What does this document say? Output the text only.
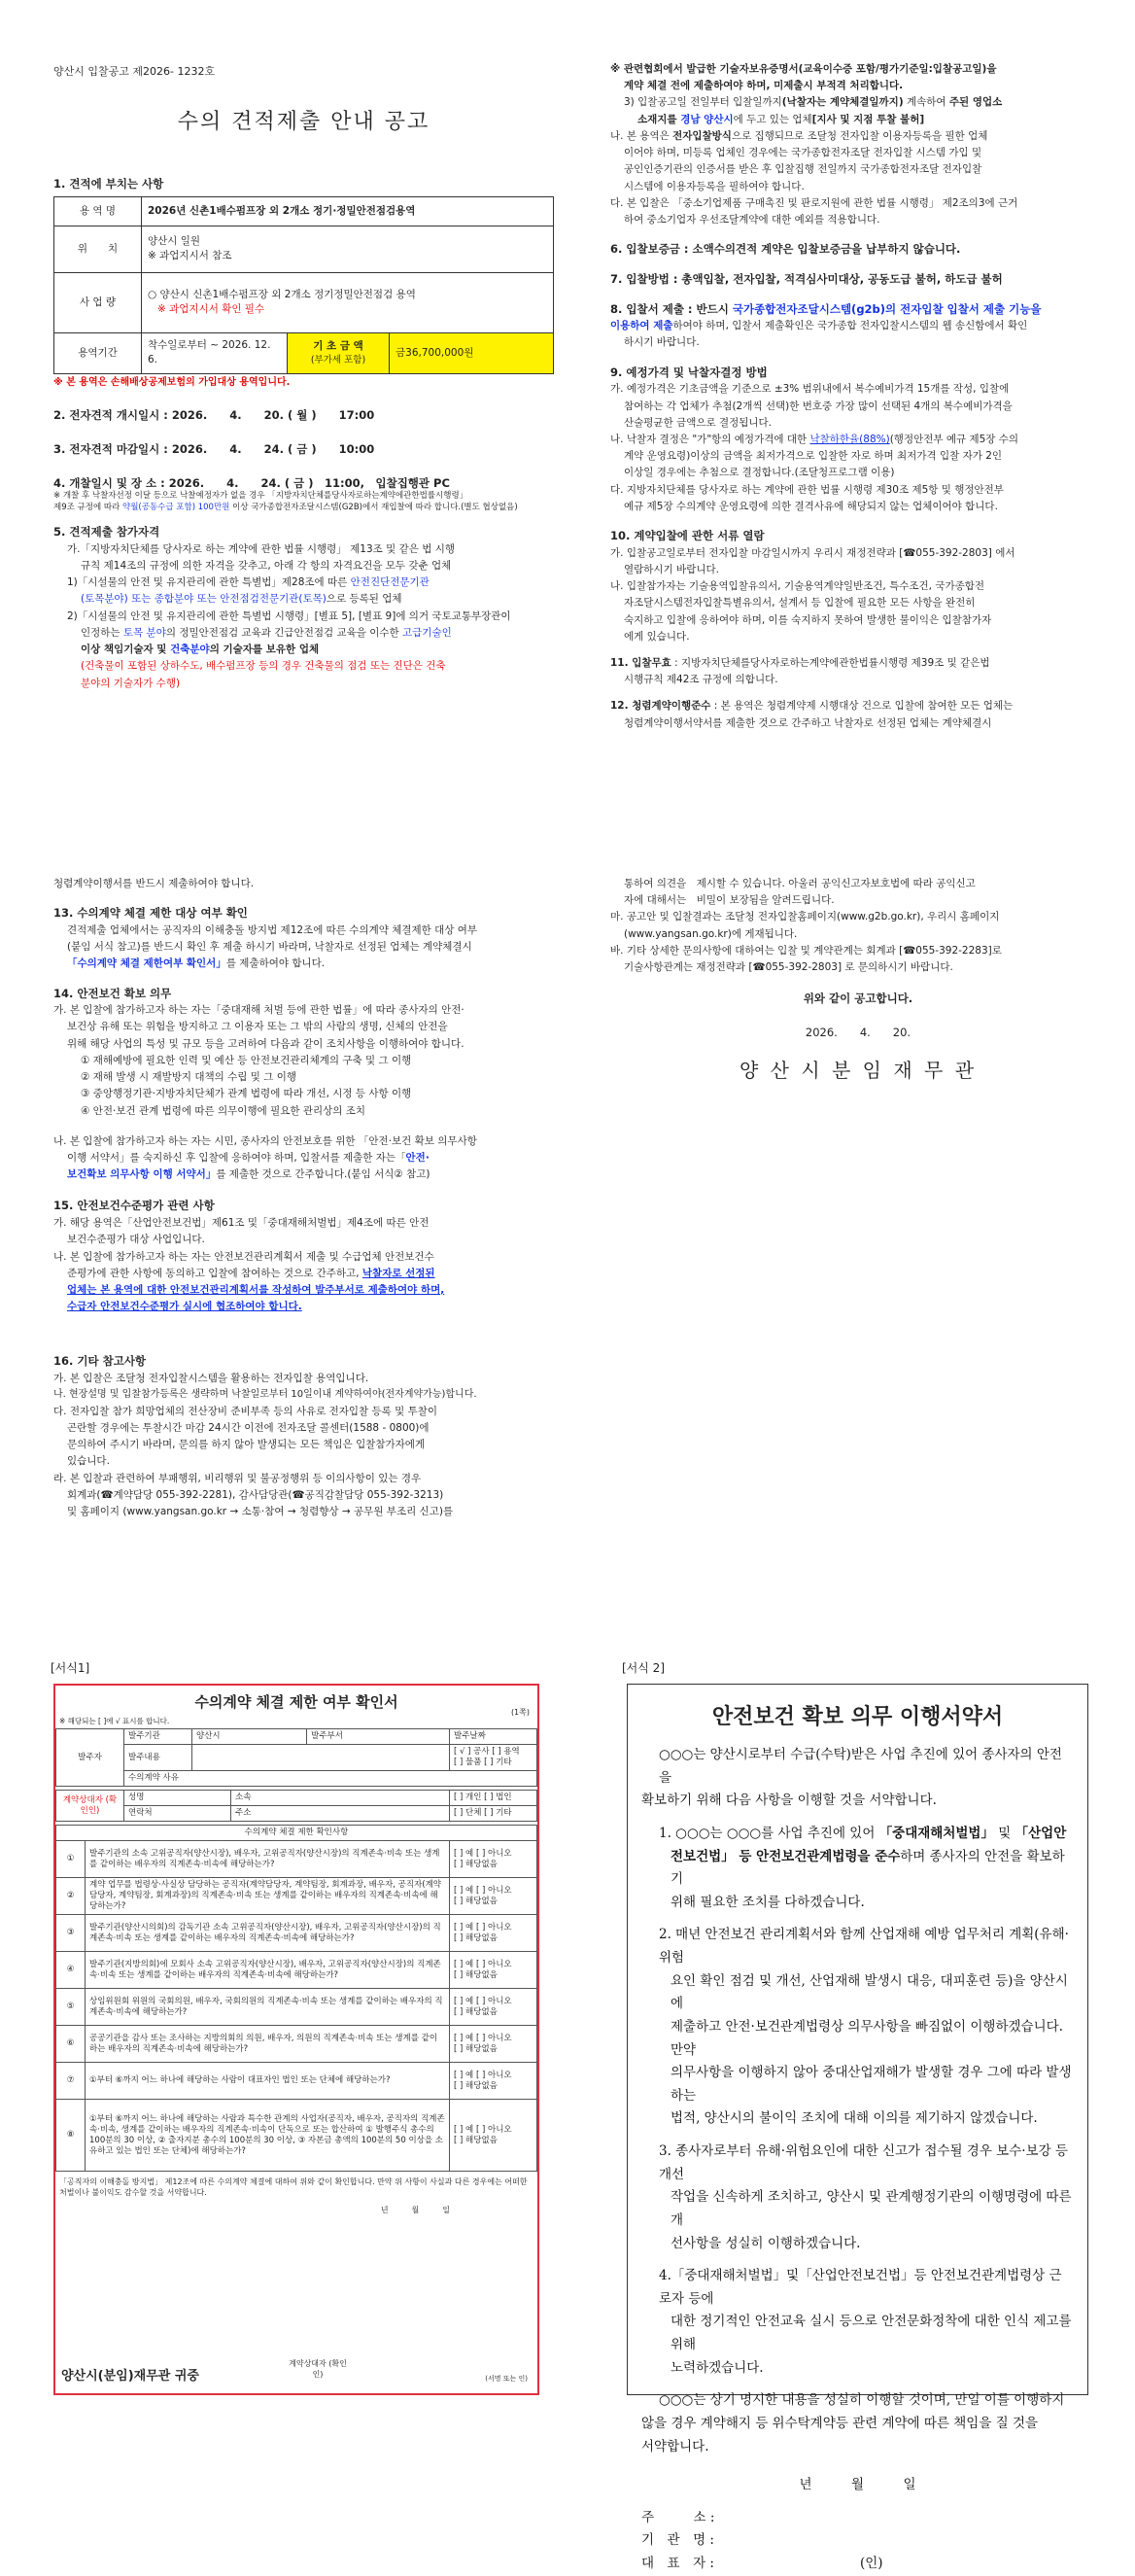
양산시 입찰공고 제2026- 1232호
수의 견적제출 안내 공고
1. 견적에 부치는 사항
용 역 명	2026년 신촌1배수펌프장 외 2개소 정기·정밀안전점검용역		
위　　치	양산시 일원
※ 과업지시서 참조		

사 업 량	○ 양산시 신촌1배수펌프장 외 2개소 정기정밀안전점검 용역
※ 과업지시서 확인 필수		

용역기간	착수일로부터 ~ 2026. 12. 6.	기 초 금 액
(부가세 포함)	금36,700,000원
※ 본 용역은 손해배상공제보험의 가입대상 용역입니다.
2. 전자견적 개시일시 : 2026.　　4.　　20. ( 월 )　　17:00
3. 전자견적 마감일시 : 2026.　　4.　　24. ( 금 )　　10:00
4. 개찰일시 및 장 소 : 2026.　　4.　　24. ( 금 )　11:00,　입찰집행관 PC
※ 개찰 후 낙찰자선정 이달 등으로 낙찰예정자가 없을 경우 「지방자치단체를당사자로하는계약에관한법률시행령」
제9조 규정에 따라 약월(공동수급 포함) 100만원 이상 국가종합전자조달시스템(G2B)에서 재입찰에 따라 합니다.(별도 협상없음)
5. 견적제출 참가자격
가.「지방자치단체를 당사자로 하는 계약에 관한 법률 시행령」 제13조 및 같은 법 시행
규칙 제14조의 규정에 의한 자격을 갖추고, 아래 각 항의 자격요건을 모두 갖춘 업체
1)「시설물의 안전 및 유지관리에 관한 특별법」제28조에 따른 안전진단전문기관
(토목분야) 또는 종합분야 또는 안전점검전문기관(토목)으로 등록된 업체
2)「시설물의 안전 및 유지관리에 관한 특별법 시행령」[별표 5], [별표 9]에 의거 국토교통부장관이
인정하는 토목 분야의 정밀안전점검 교육과 긴급안전점검 교육을 이수한 고급기술인
이상 책임기술자 및 건축분야의 기술자를 보유한 업체
(건축물이 포함된 상하수도, 배수펌프장 등의 경우 건축물의 점검 또는 진단은 건축
분야의 기술자가 수행)
※ 관련협회에서 발급한 기술자보유증명서(교육이수증 포함/평가기준일:입찰공고일)을
계약 체결 전에 제출하여야 하며, 미제출시 부적격 처리합니다.
3) 입찰공고일 전일부터 입찰일까지(낙찰자는 계약체결일까지) 계속하여 주된 영업소
소재지를 경남 양산시에 두고 있는 업체[지사 및 지점 투찰 불허]
나. 본 용역은 전자입찰방식으로 집행되므로 조달청 전자입찰 이용자등록을 필한 업체
이어야 하며, 미등록 업체인 경우에는 국가종합전자조달 전자입찰 시스템 가입 및
공인인증기관의 인증서를 받은 후 입찰집행 전일까지 국가종합전자조달 전자입찰
시스템에 이용자등록을 필하여야 합니다.
다. 본 입찰은 「중소기업제품 구매촉진 및 판로지원에 관한 법률 시행령」 제2조의3에 근거
하여 중소기업자 우선조달계약에 대한 예외를 적용합니다.
6. 입찰보증금 : 소액수의견적 계약은 입찰보증금을 납부하지 않습니다.
7. 입찰방법 : 총액입찰, 전자입찰, 적격심사미대상, 공동도급 불허, 하도급 불허
8. 입찰서 제출 : 반드시 국가종합전자조달시스템(g2b)의 전자입찰 입찰서 제출 기능을
이용하여 제출하여야 하며, 입찰서 제출확인은 국가종합 전자입찰시스템의 웹 송신함에서 확인
하시기 바랍니다.
9. 예정가격 및 낙찰자결정 방법
가. 예정가격은 기초금액을 기준으로 ±3% 범위내에서 복수예비가격 15개를 작성, 입찰에
참여하는 각 업체가 추첨(2개씩 선택)한 번호중 가장 많이 선택된 4개의 복수예비가격을
산술평균한 금액으로 결정됩니다.
나. 낙찰자 결정은 "가"항의 예정가격에 대한 낙찰하한율(88%)(행정안전부 예규 제5장 수의
계약 운영요령)이상의 금액을 최저가격으로 입찰한 자로 하며 최저가격 입찰 자가 2인
이상일 경우에는 추첨으로 결정합니다.(조달청프로그램 이용)
다. 지방자치단체를 당사자로 하는 계약에 관한 법률 시행령 제30조 제5항 및 행정안전부
예규 제5장 수의계약 운영요령에 의한 결격사유에 해당되지 않는 업체이어야 합니다.
10. 계약입찰에 관한 서류 열람
가. 입찰공고일로부터 전자입찰 마감일시까지 우리시 재정전략과 [☎055-392-2803] 에서
열람하시기 바랍니다.
나. 입찰참가자는 기술용역입찰유의서, 기술용역계약일반조건, 특수조건, 국가종합전
자조달시스템전자입찰특별유의서, 설계서 등 입찰에 필요한 모든 사항을 완전히
숙지하고 입찰에 응하여야 하며, 이를 숙지하지 못하여 발생한 불이익은 입찰참가자
에게 있습니다.
11. 입찰무효 : 지방자치단체를당사자로하는계약에관한법률시행령 제39조 및 같은법
시행규칙 제42조 규정에 의합니다.
12. 청렴계약이행준수 : 본 용역은 청렴계약제 시행대상 건으로 입찰에 참여한 모든 업체는
청렴계약이행서약서를 제출한 것으로 간주하고 낙찰자로 선정된 업체는 계약체결시
청렴계약이행서를 반드시 제출하여야 합니다.
13. 수의계약 체결 제한 대상 여부 확인
견적제출 업체에서는 공직자의 이해충돌 방지법 제12조에 따른 수의계약 체결제한 대상 여부
(붙임 서식 참고)를 반드시 확인 후 제출 하시기 바라며, 낙찰자로 선정된 업체는 계약체결시
「수의계약 체결 제한여부 확인서」를 제출하여야 합니다.
14. 안전보건 확보 의무
가. 본 입찰에 참가하고자 하는 자는「중대재해 처벌 등에 관한 법률」에 따라 종사자의 안전·
보건상 유해 또는 위험을 방지하고 그 이용자 또는 그 밖의 사람의 생명, 신체의 안전을
위해 해당 사업의 특성 및 규모 등을 고려하여 다음과 같이 조치사항을 이행하여야 합니다.
① 재해예방에 필요한 인력 및 예산 등 안전보건관리체계의 구축 및 그 이행
② 재해 발생 시 재발방지 대책의 수립 및 그 이행
③ 중앙행정기관·지방자치단체가 관계 법령에 따라 개선, 시정 등 사항 이행
④ 안전·보건 관계 법령에 따른 의무이행에 필요한 관리상의 조치
나. 본 입찰에 참가하고자 하는 자는 시민, 종사자의 안전보호를 위한 「안전·보건 확보 의무사항
이행 서약서」를 숙지하신 후 입찰에 응하여야 하며, 입찰서를 제출한 자는「안전·
보건확보 의무사항 이행 서약서」를 제출한 것으로 간주합니다.(붙임 서식② 참고)
15. 안전보건수준평가 관련 사항
가. 해당 용역은「산업안전보건법」제61조 및「중대재해처벌법」제4조에 따른 안전
보건수준평가 대상 사업입니다.
나. 본 입찰에 참가하고자 하는 자는 안전보건관리계획서 제출 및 수급업체 안전보건수
준평가에 관한 사항에 동의하고 입찰에 참여하는 것으로 간주하고, 낙찰자로 선정된
업체는 본 용역에 대한 안전보건관리계획서를 작성하여 발주부서로 제출하여야 하며,
수급자 안전보건수준평가 실시에 협조하여야 합니다.
16. 기타 참고사항
가. 본 입찰은 조달청 전자입찰시스템을 활용하는 전자입찰 용역입니다.
나. 현장설명 및 입찰참가등록은 생략하며 낙찰일로부터 10일이내 계약하여야(전자계약가능)합니다.
다. 전자입찰 참가 희망업체의 전산장비 준비부족 등의 사유로 전자입찰 등록 및 투찰이
곤란할 경우에는 투찰시간 마감 24시간 이전에 전자조달 콜센터(1588 - 0800)에
문의하여 주시기 바라며, 문의를 하지 않아 발생되는 모든 책임은 입찰참가자에게
있습니다.
라. 본 입찰과 관련하여 부패행위, 비리행위 및 불공정행위 등 이의사항이 있는 경우
회계과(☎계약담당 055-392-2281), 감사담당관(☎공직감찰담당 055-392-3213)
및 홈페이지 (www.yangsan.go.kr → 소통·참여 → 청렴향상 → 공무원 부조리 신고)를
통하여 의견을　제시할 수 있습니다. 아울러 공익신고자보호법에 따라 공익신고
자에 대해서는　비밀이 보장됨을 알려드립니다.
마. 공고안 및 입찰결과는 조달청 전자입찰홈페이지(www.g2b.go.kr), 우리시 홈페이지
(www.yangsan.go.kr)에 게재됩니다.
바. 기타 상세한 문의사항에 대하여는 입찰 및 계약관계는 회계과 [☎055-392-2283]로
기술사항관계는 재정전략과 [☎055-392-2803] 로 문의하시기 바랍니다.
위와 같이 공고합니다.
2026.　　4.　　20.
양 산 시 분 임 재 무 관
[서식1]
수의계약 체결 제한 여부 확인서
(1쪽)
※ 해당되는 [ ]에 √ 표시를 합니다.
발주자	발주기관	양산시	발주부서	발주날짜
	발주내용			[ √ ] 공사 [ ] 용역
[ ] 물품 [ ] 기타

	수의계약 사유			
계약상대자 (확인인)	성명	소속	[ ] 개인 [ ] 법인
	연락처	주소	[ ] 단체 [ ] 기타
수의계약 체결 제한 확인사항		
①	발주기관의 소속 고위공직자(양산시장), 배우자, 고위공직자(양산시장)의 직계존속·비속 또는 생계를 같이하는 배우자의 직계존속·비속에 해당하는가?	[ ] 예 [ ] 아니오
[ ] 해당없음

②	계약 업무를 법령상·사실상 담당하는 공직자(계약담당자, 계약팀장, 회계과장, 배우자, 공직자(계약담당자, 계약팀장, 회계과장)의 직계존속·비속 또는 생계를 같이하는 배우자의 직계존속·비속에 해당하는가?	[ ] 예 [ ] 아니오
[ ] 해당없음

③	발주기관(양산시의회)의 감독기관 소속 고위공직자(양산시장), 배우자, 고위공직자(양산시장)의 직계존속·비속 또는 생계를 같이하는 배우자의 직계존속·비속에 해당하는가?	[ ] 예 [ ] 아니오
[ ] 해당없음

④	발주기관(지방의회)에 모회사 소속 고위공직자(양산시장), 배우자, 고위공직자(양산시장)의 직계존속·비속 또는 생계를 같이하는 배우자의 직계존속·비속에 해당하는가?	[ ] 예 [ ] 아니오
[ ] 해당없음

⑤	상임위원회 위원의 국회의원, 배우자, 국회의원의 직계존속·비속 또는 생계를 같이하는 배우자의 직계존속·비속에 해당하는가?	[ ] 예 [ ] 아니오
[ ] 해당없음

⑥	공공기관을 감사 또는 조사하는 지방의회의 의원, 배우자, 의원의 직계존속·비속 또는 생계를 같이하는 배우자의 직계존속·비속에 해당하는가?	[ ] 예 [ ] 아니오
[ ] 해당없음

⑦	①부터 ⑥까지 어느 하나에 해당하는 사람이 대표자인 법인 또는 단체에 해당하는가?	[ ] 예 [ ] 아니오
[ ] 해당없음

⑧	①부터 ⑥까지 어느 하나에 해당하는 사람과 특수한 관계의 사업자(공직자, 배우자, 공직자의 직계존속·비속, 생계를 같이하는 배우자의 직계존속·비속이 단독으로 또는 합산하여 ① 발행주식 총수의 100분의 30 이상, ② 출자지분 총수의 100분의 30 이상, ③ 자본금 총액의 100분의 50 이상을 소유하고 있는 법인 또는 단체)에 해당하는가?	[ ] 예 [ ] 아니오
[ ] 해당없음
「공직자의 이해충돌 방지법」 제12조에 따른 수의계약 체결에 대하여 위와 같이 확인합니다. 만약 위 사항이 사실과 다른 경우에는 어떠한 처벌이나 불이익도 감수할 것을 서약합니다.
년　　　월　　　일
양산시(분임)재무관 귀중
계약상대자 (확인인)	(서명 또는 인)
[서식 2]
안전보건 확보 의무 이행서약서
○○○는 양산시로부터 수급(수탁)받은 사업 추진에 있어 종사자의 안전을
확보하기 위해 다음 사항을 이행할 것을 서약합니다.
1. ○○○는 ○○○를 사업 추진에 있어 「중대재해처벌법」 및 「산업안
전보건법」 등 안전보건관계법령을 준수하며 종사자의 안전을 확보하기
위해 필요한 조치를 다하겠습니다.
2. 매년 안전보건 관리계획서와 함께 산업재해 예방 업무처리 계획(유해·위험
요인 확인 점검 및 개선, 산업재해 발생시 대응, 대피훈련 등)을 양산시에
제출하고 안전·보건관계법령상 의무사항을 빠짐없이 이행하겠습니다. 만약
의무사항을 이행하지 않아 중대산업재해가 발생할 경우 그에 따라 발생하는
법적, 양산시의 불이익 조치에 대해 이의를 제기하지 않겠습니다.
3. 종사자로부터 유해·위험요인에 대한 신고가 접수될 경우 보수·보강 등 개선
작업을 신속하게 조치하고, 양산시 및 관계행정기관의 이행명령에 따른 개
선사항을 성실히 이행하겠습니다.
4.「중대재해처벌법」및「산업안전보건법」등 안전보건관계법령상 근로자 등에
대한 정기적인 안전교육 실시 등으로 안전문화정착에 대한 인식 제고를 위해
노력하겠습니다.
○○○는 상기 명시한 내용을 성실히 이행할 것이며, 만일 이를 이행하지
않을 경우 계약해지 등 위수탁계약등 관련 계약에 따른 책임을 질 것을
서약합니다.
년　　　월　　　일
주　　　소 :
기　관　명 :
대　표　자 :	(인)
